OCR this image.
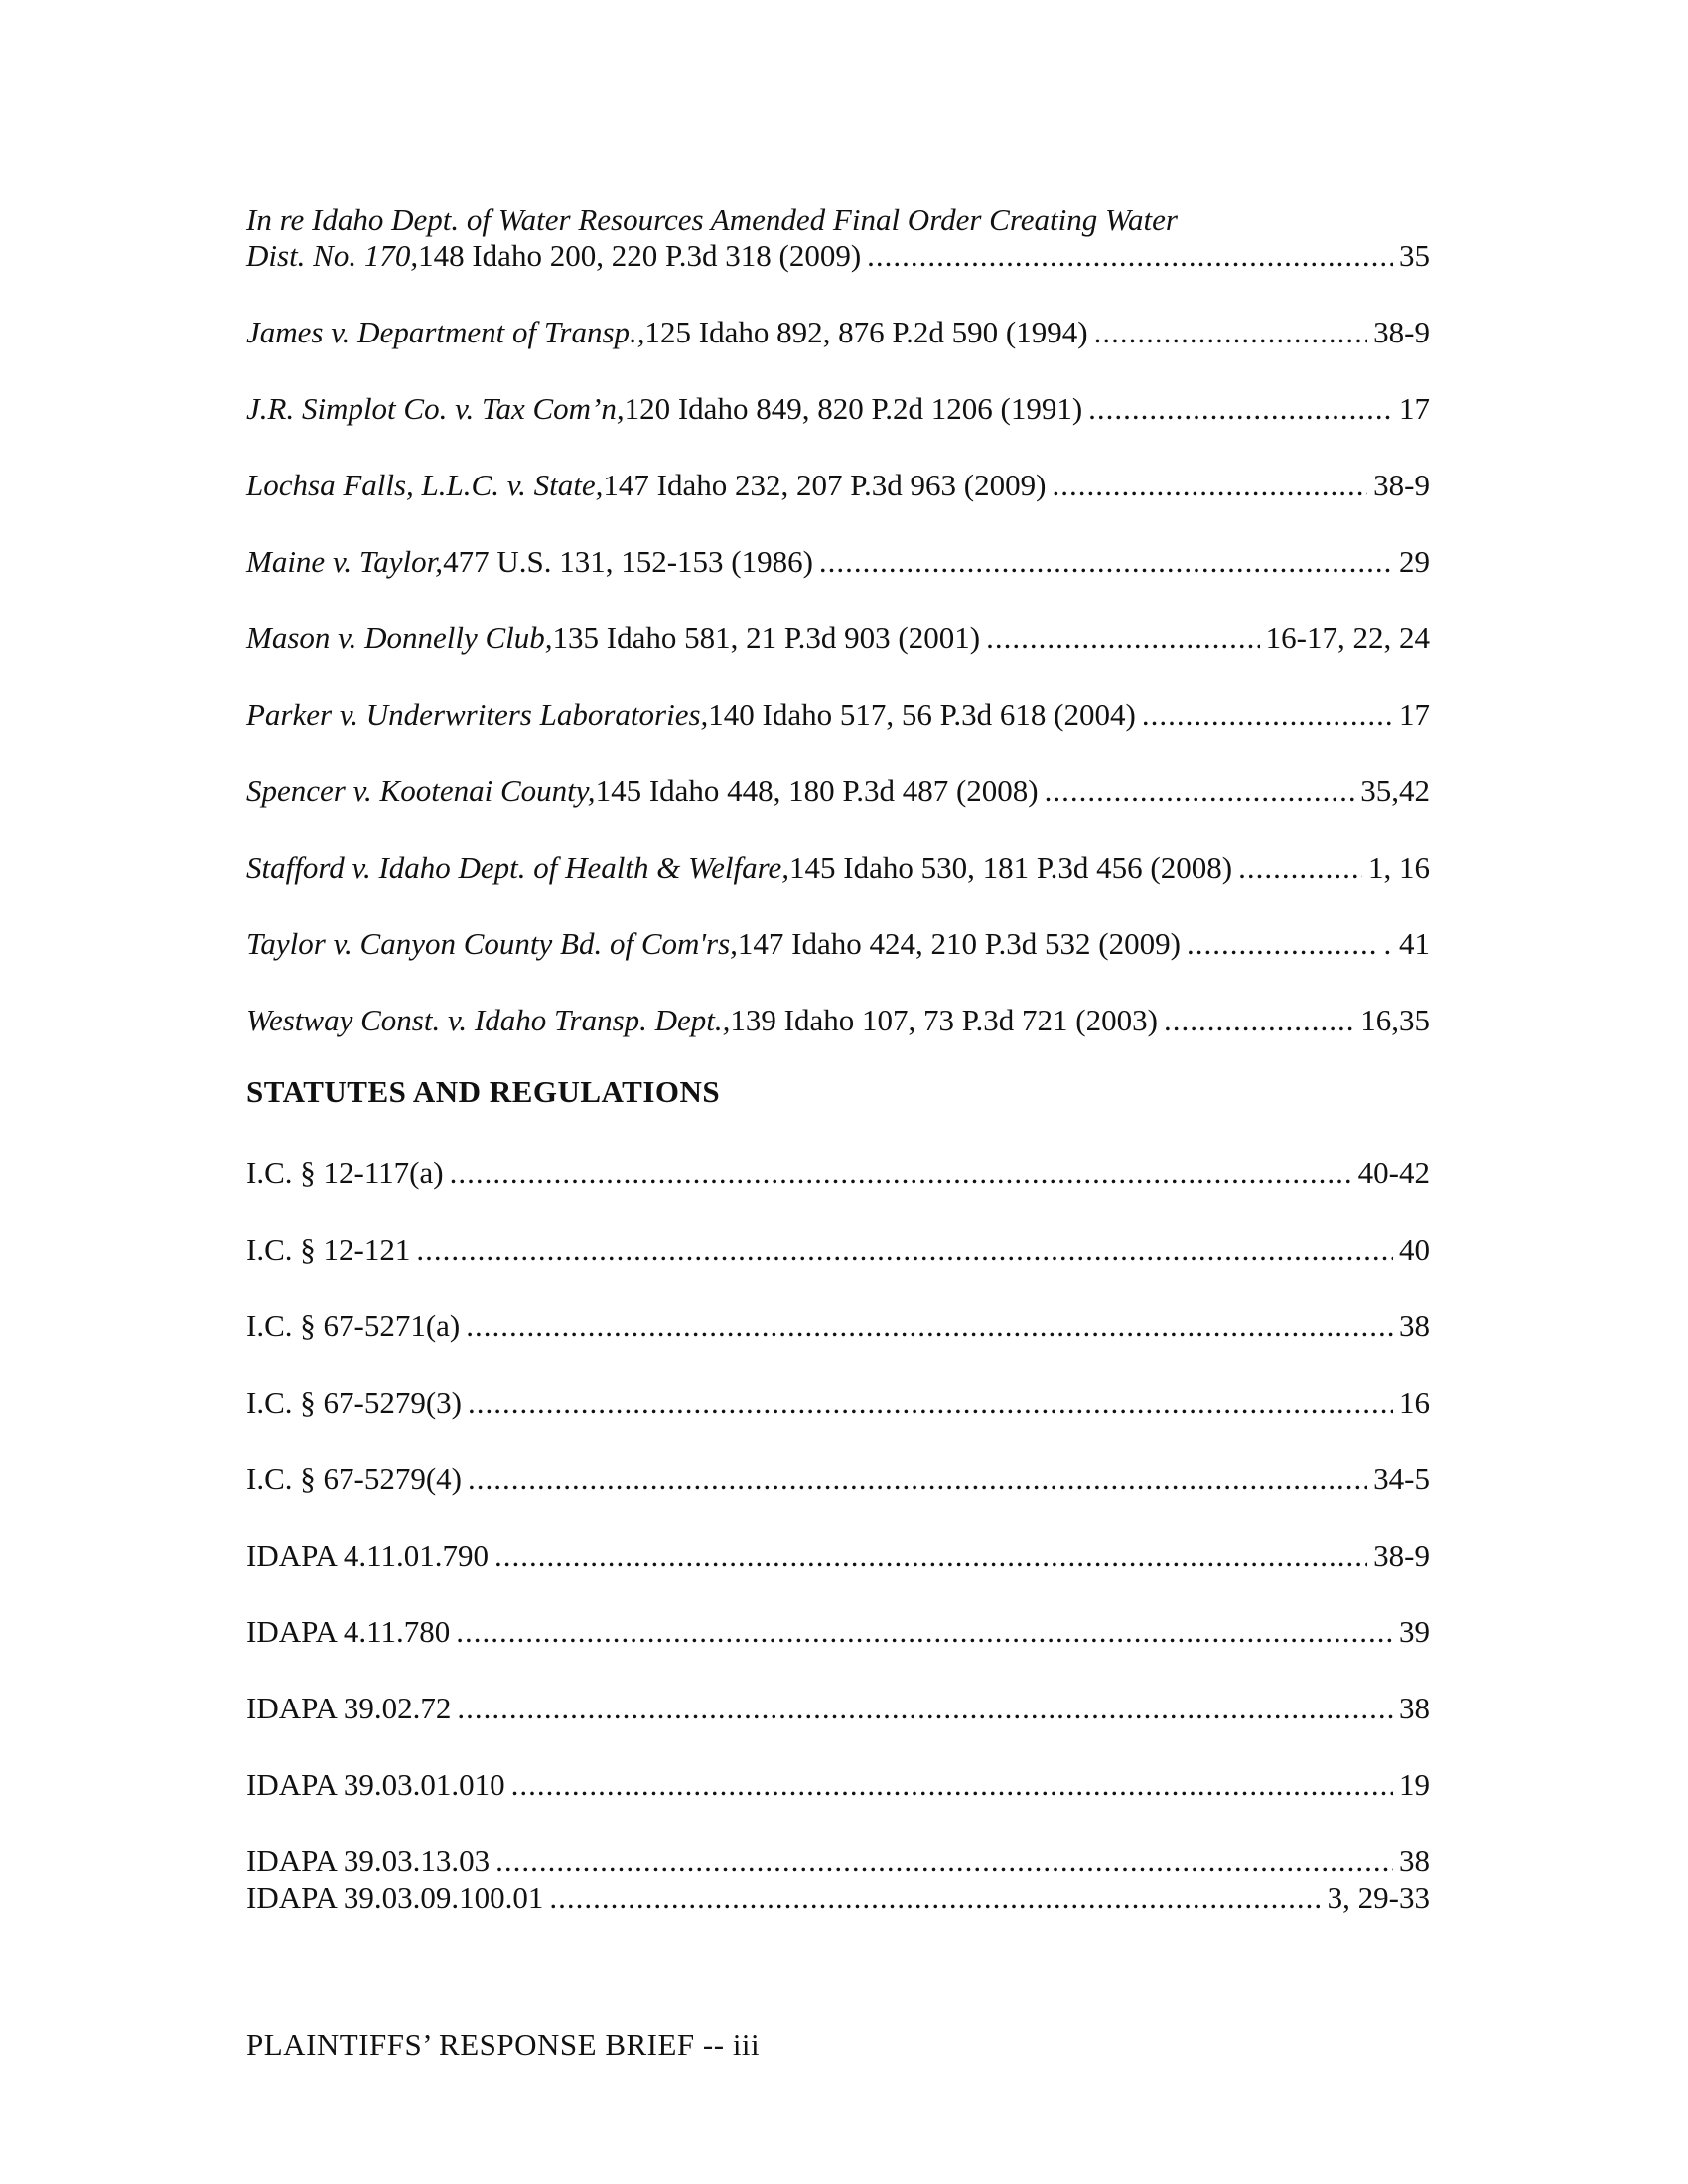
In re Idaho Dept. of Water Resources Amended Final Order Creating Water
Dist. No. 170, 148 Idaho 200, 220 P.3d 318 (2009) .....	35
James v. Department of Transp., 125 Idaho 892, 876 P.2d 590 (1994) .....	38-9
J.R. Simplot Co. v. Tax Com’n, 120 Idaho 849, 820 P.2d 1206 (1991) .....	17
Lochsa Falls, L.L.C. v. State, 147 Idaho 232, 207 P.3d 963 (2009) .....	38-9
Maine v. Taylor, 477 U.S. 131, 152-153 (1986) .....	29
Mason v. Donnelly Club, 135 Idaho 581, 21 P.3d 903 (2001) .....	16-17, 22, 24
Parker v. Underwriters Laboratories, 140 Idaho 517, 56 P.3d 618 (2004) .....	17
Spencer v. Kootenai County, 145 Idaho 448, 180 P.3d 487 (2008) .....	35,42
Stafford v. Idaho Dept. of Health & Welfare, 145 Idaho 530, 181 P.3d 456 (2008) .....	1, 16
Taylor v. Canyon County Bd. of Com'rs, 147 Idaho 424, 210 P.3d 532 (2009) .....	. 41
Westway Const. v. Idaho Transp. Dept., 139 Idaho 107, 73 P.3d 721 (2003) .....	16,35
STATUTES AND REGULATIONS
I.C. § 12-117(a) .....	40-42
I.C. § 12-121 .....	40
I.C. § 67-5271(a) .....	38
I.C. § 67-5279(3) .....	16
I.C. § 67-5279(4) .....	34-5
IDAPA 4.11.01.790 .....	38-9
IDAPA 4.11.780 .....	39
IDAPA 39.02.72 .....	38
IDAPA 39.03.01.010 .....	19
IDAPA 39.03.13.03 .....	38
IDAPA 39.03.09.100.01 .....	3, 29-33
PLAINTIFFS’ RESPONSE BRIEF -- iii
